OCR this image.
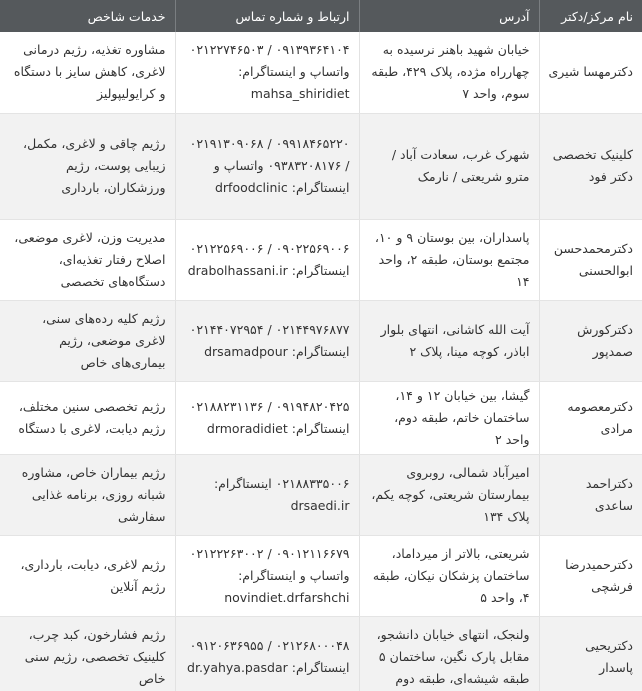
نام مرکز/دکتر	آدرس	ارتباط و شماره تماس	خدمات شاخص
دکترمهسا شیری	خیابان شهید باهنر نرسیده به چهارراه مژده، پلاک ۴۲۹، طبقه سوم، واحد ۷	۰۹۱۳۹۳۶۴۱۰۴ / ۰۲۱۲۲۷۴۶۵۰۳ واتساپ و اینستاگرام: mahsa_shiridiet	مشاوره تغذیه، رژیم درمانی لاغری، کاهش سایز با دستگاه و کرایولیپولیز
کلینیک تخصصی دکتر فود	شهرک غرب، سعادت آباد / مترو شریعتی / نارمک	۰۹۹۱۸۴۶۵۲۲۰ / ۰۲۱۹۱۳۰۹۰۶۸ / ۰۹۳۸۳۲۰۸۱۷۶ واتساپ و اینستاگرام: drfoodclinic	رژیم چاقی و لاغری، مکمل، زیبایی پوست، رژیم ورزشکاران، بارداری
دکترمحمدحسن ابوالحسنی	پاسداران، بین بوستان ۹ و ۱۰، مجتمع بوستان، طبقه ۲، واحد ۱۴	۰۹۰۲۲۵۶۹۰۰۶ / ۰۲۱۲۲۵۶۹۰۰۶ اینستاگرام: drabolhassani.ir	مدیریت وزن، لاغری موضعی، اصلاح رفتار تغذیه‌ای، دستگاه‌های تخصصی
دکترکورش صمدپور	آیت الله کاشانی، انتهای بلوار اباذر، کوچه مینا، پلاک ۲	۰۲۱۴۴۹۷۶۸۷۷ / ۰۲۱۴۴۰۷۲۹۵۴ اینستاگرام: drsamadpour	رژیم کلیه رده‌های سنی، لاغری موضعی، رژیم بیماری‌های خاص
دکترمعصومه مرادی	گیشا، بین خیابان ۱۲ و ۱۴، ساختمان خاتم، طبقه دوم، واحد ۲	۰۹۱۹۴۸۲۰۴۲۵ / ۰۲۱۸۸۲۳۱۱۳۶ اینستاگرام: drmoradidiet	رژیم تخصصی سنین مختلف، رژیم دیابت، لاغری با دستگاه
دکتراحمد ساعدی	امیرآباد شمالی، روبروی بیمارستان شریعتی، کوچه یکم، پلاک ۱۳۴	۰۲۱۸۸۳۳۵۰۰۶ اینستاگرام: drsaedi.ir	رژیم بیماران خاص، مشاوره شبانه روزی، برنامه غذایی سفارشی
دکترحمیدرضا فرشچی	شریعتی، بالاتر از میرداماد، ساختمان پزشکان نیکان، طبقه ۴، واحد ۵	۰۹۰۱۲۱۱۶۶۷۹ / ۰۲۱۲۲۲۶۳۰۰۲ واتساپ و اینستاگرام: novindiet.drfarshchi	رژیم لاغری، دیابت، بارداری، رژیم آنلاین
دکتریحیی پاسدار	ولنجک، انتهای خیابان دانشجو، مقابل پارک نگین، ساختمان ۵ طبقه شیشه‌ای، طبقه دوم	۰۲۱۲۶۸۰۰۰۴۸ / ۰۹۱۲۰۶۳۶۹۵۵ اینستاگرام: dr.yahya.pasdar	رژیم فشارخون، کبد چرب، کلینیک تخصصی، رژیم سنی خاص
